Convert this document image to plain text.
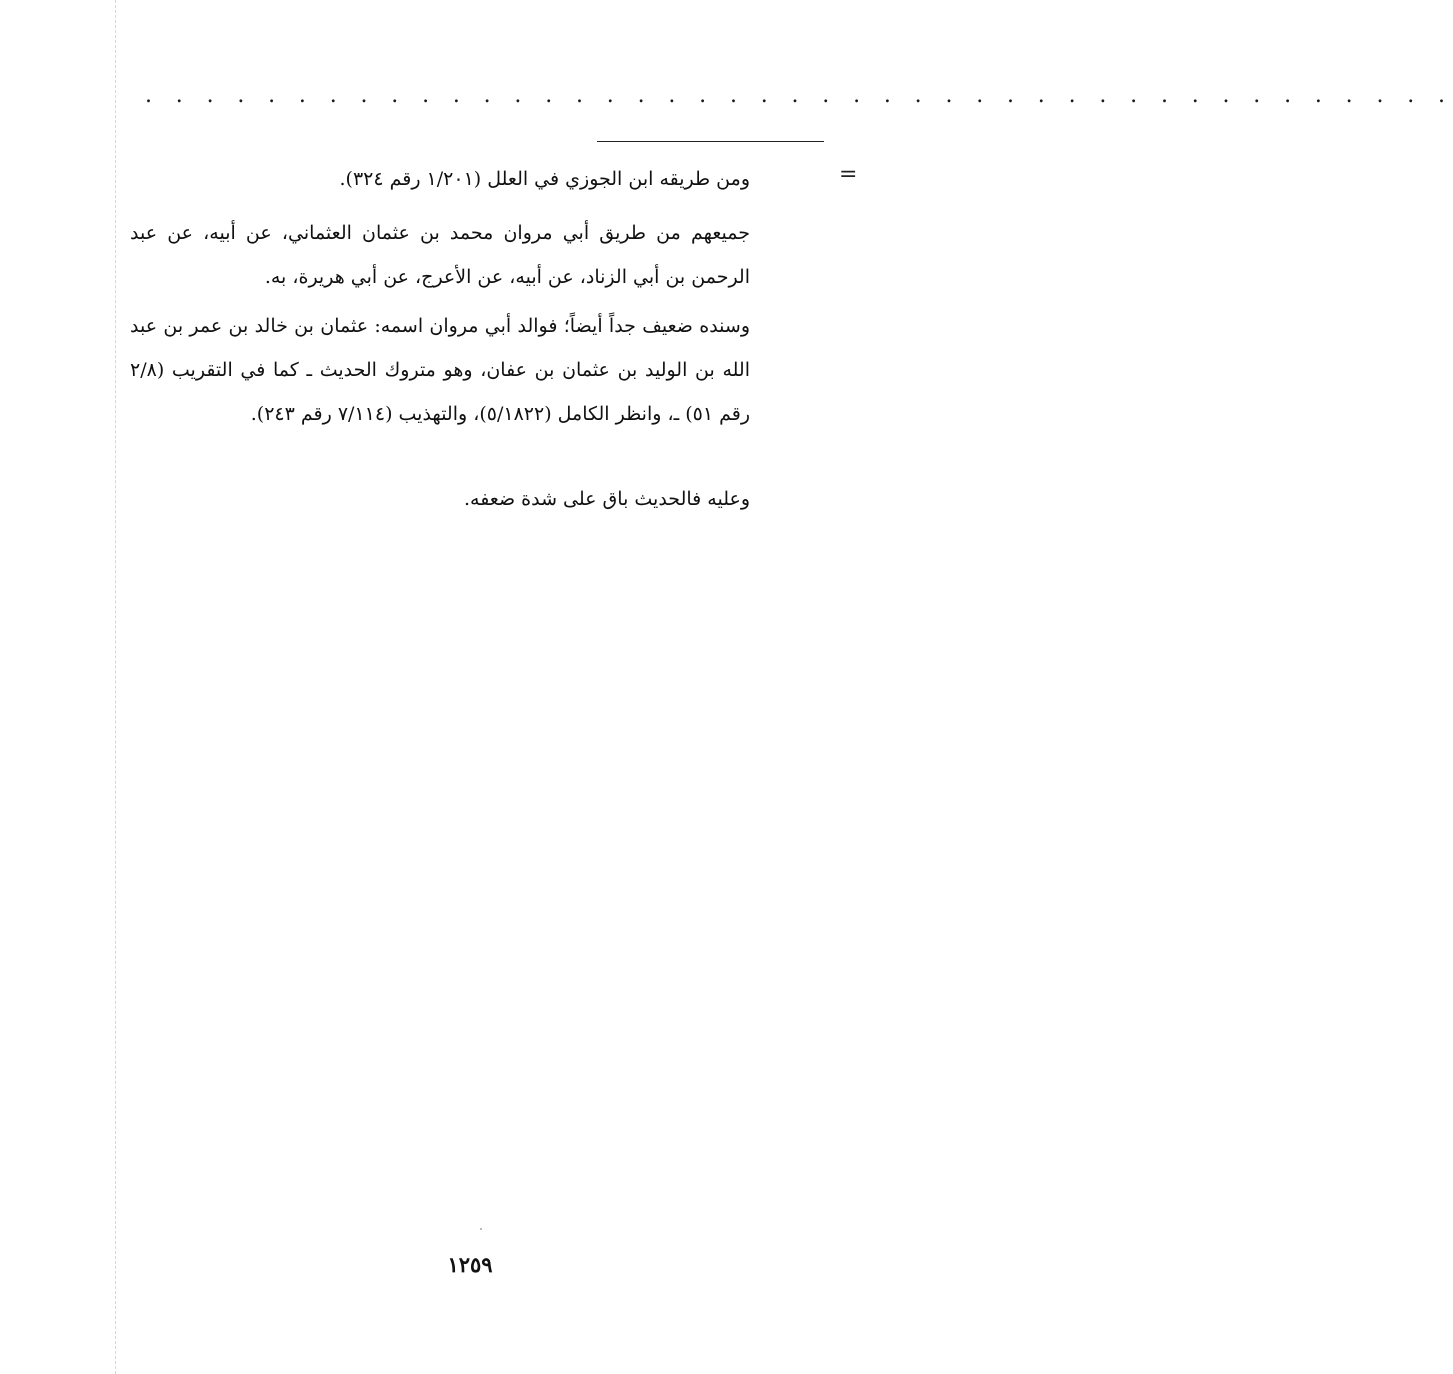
. . . . . . . . . . . . . . . . . . . . . . . . . . . . . . . . . . . . . . . . . . .
=

ومن طريقه ابن الجوزي في العلل (١/٢٠١ رقم ٣٢٤).

جميعهم من طريق أبي مروان محمد بن عثمان العثماني، عن أبيه، عن عبد الرحمن بن أبي الزناد، عن أبيه، عن الأعرج، عن أبي هريرة، به.

وسنده ضعيف جداً أيضاً؛ فوالد أبي مروان اسمه: عثمان بن خالد بن عمر بن عبد الله بن الوليد بن عثمان بن عفان، وهو متروك الحديث ـ كما في التقريب (٢/٨ رقم ٥١) ـ، وانظر الكامل (٥/١٨٢٢)، والتهذيب (٧/١١٤ رقم ٢٤٣).

وعليه فالحديث باق على شدة ضعفه.

١٢٥٩
